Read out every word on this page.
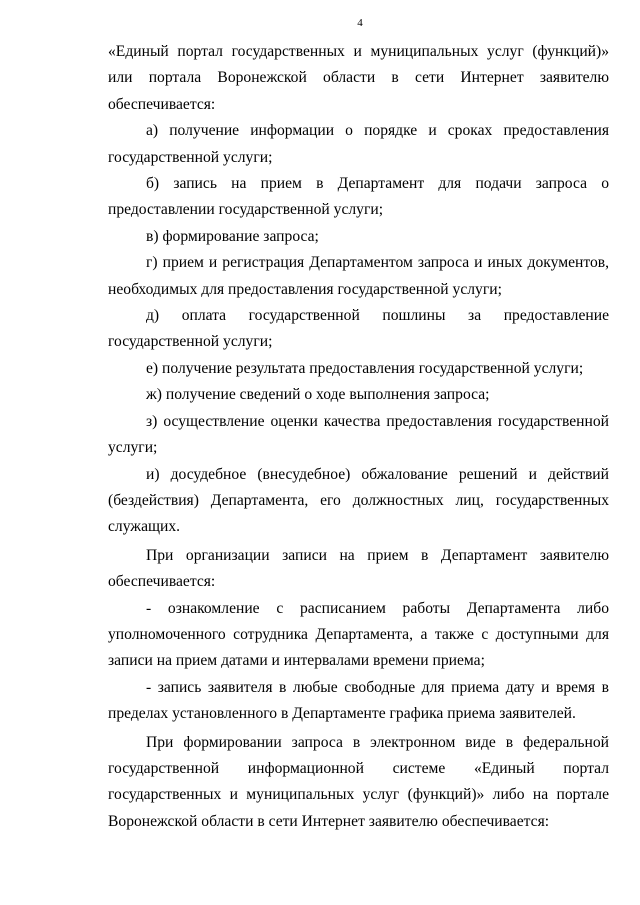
4

«Единый портал государственных и муниципальных услуг (функций)» или портала Воронежской области в сети Интернет заявителю обеспечивается:

а) получение информации о порядке и сроках предоставления государственной услуги;

б) запись на прием в Департамент для подачи запроса о предоставлении государственной услуги;

в) формирование запроса;

г) прием и регистрация Департаментом запроса и иных документов, необходимых для предоставления государственной услуги;

д) оплата государственной пошлины за предоставление государственной услуги;

е) получение результата предоставления государственной услуги;

ж) получение сведений о ходе выполнения запроса;

з) осуществление оценки качества предоставления государственной услуги;

и) досудебное (внесудебное) обжалование решений и действий (бездействия) Департамента, его должностных лиц, государственных служащих.

При организации записи на прием в Департамент заявителю обеспечивается:

- ознакомление с расписанием работы Департамента либо уполномоченного сотрудника Департамента, а также с доступными для записи на прием датами и интервалами времени приема;

- запись заявителя в любые свободные для приема дату и время в пределах установленного в Департаменте графика приема заявителей.

При формировании запроса в электронном виде в федеральной государственной информационной системе «Единый портал государственных и муниципальных услуг (функций)» либо на портале Воронежской области в сети Интернет заявителю обеспечивается:
